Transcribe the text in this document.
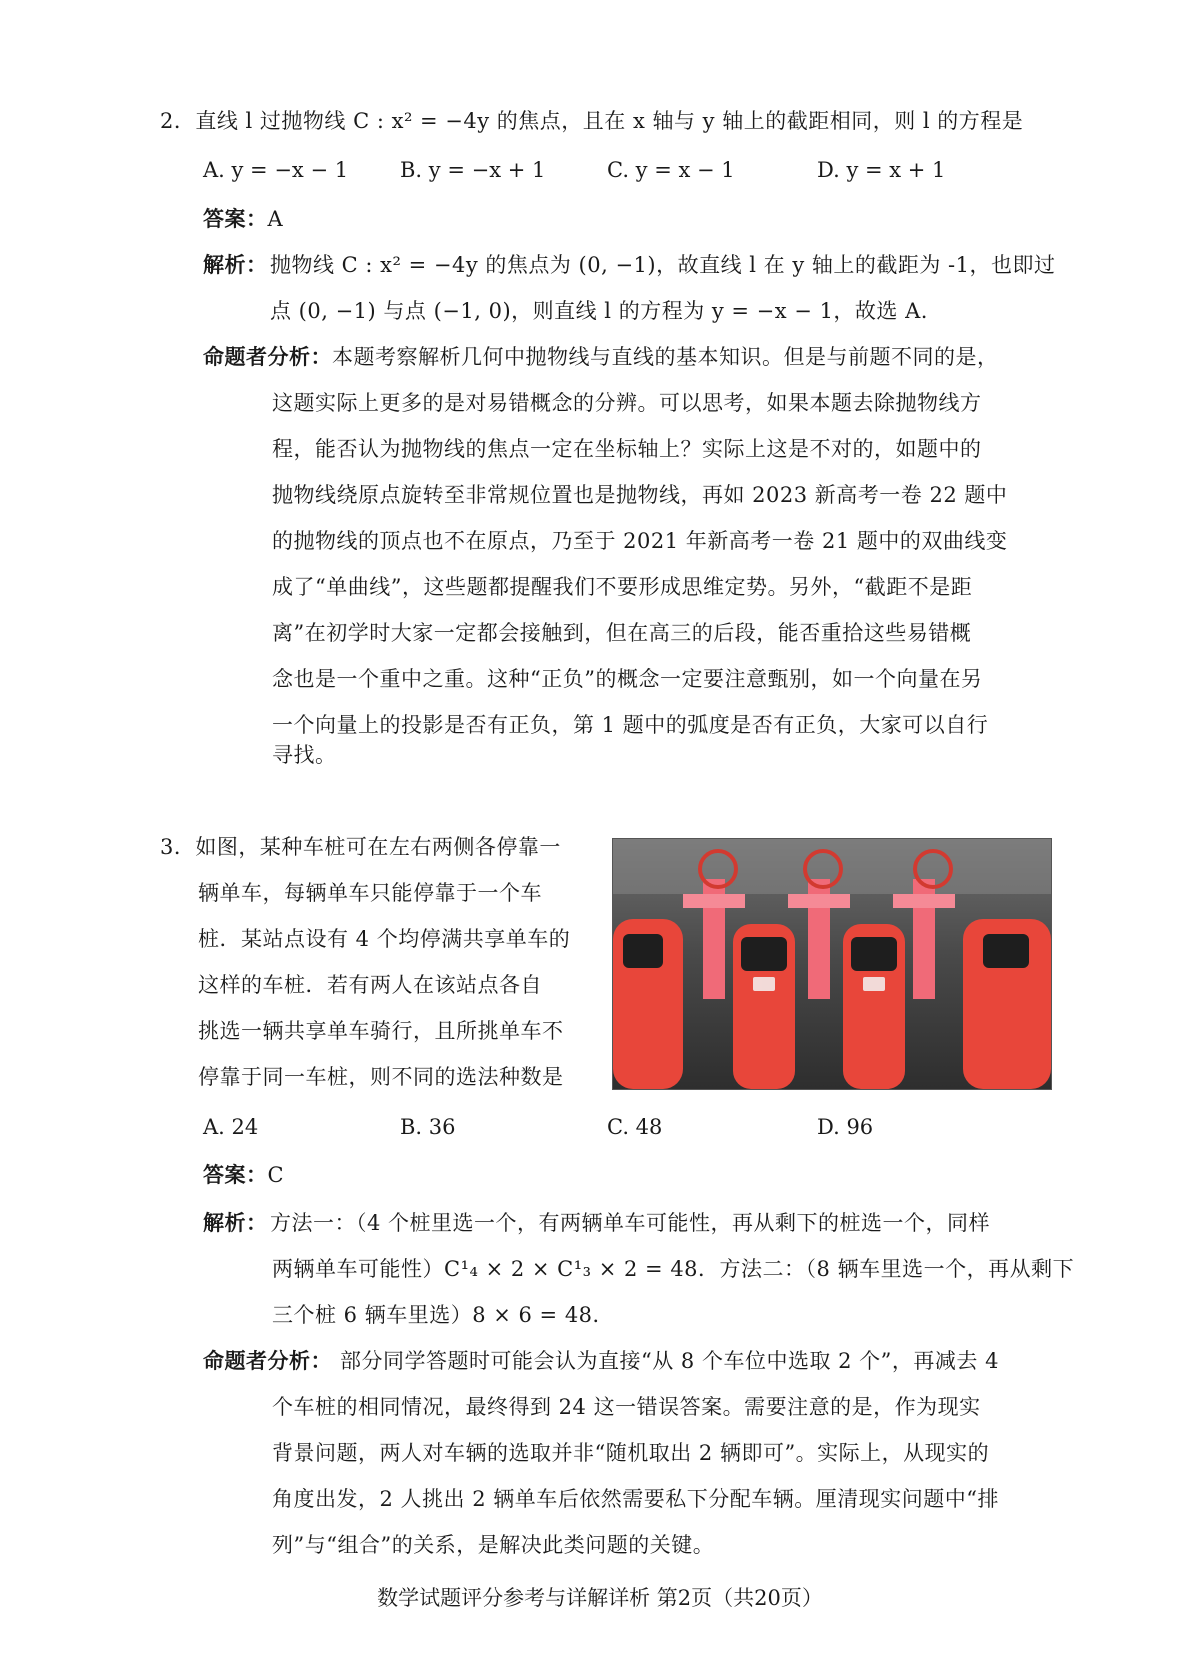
2．直线 l 过抛物线 C : x² = −4y 的焦点，且在 x 轴与 y 轴上的截距相同，则 l 的方程是
A. y = −x − 1 B. y = −x + 1	C. y = x − 1	D. y = x + 1
答案：A
解析： 抛物线 C : x² = −4y 的焦点为 (0, −1)，故直线 l 在 y 轴上的截距为 -1，也即过
点 (0, −1) 与点 (−1, 0)，则直线 l 的方程为 y = −x − 1，故选 A.
命题者分析： 本题考察解析几何中抛物线与直线的基本知识。但是与前题不同的是，
这题实际上更多的是对易错概念的分辨。可以思考，如果本题去除抛物线方
程，能否认为抛物线的焦点一定在坐标轴上？实际上这是不对的，如题中的
抛物线绕原点旋转至非常规位置也是抛物线，再如 2023 新高考一卷 22 题中
的抛物线的顶点也不在原点，乃至于 2021 年新高考一卷 21 题中的双曲线变
成了“单曲线”，这些题都提醒我们不要形成思维定势。另外，“截距不是距
离”在初学时大家一定都会接触到，但在高三的后段，能否重拾这些易错概
念也是一个重中之重。这种“正负”的概念一定要注意甄别，如一个向量在另
一个向量上的投影是否有正负，第 1 题中的弧度是否有正负，大家可以自行
寻找。
3．如图，某种车桩可在左右两侧各停靠一
辆单车，每辆单车只能停靠于一个车
桩．某站点设有 4 个均停满共享单车的
这样的车桩．若有两人在该站点各自
挑选一辆共享单车骑行，且所挑单车不
停靠于同一车桩，则不同的选法种数是
A. 24	B. 36	C. 48	D. 96
答案：C
解析： 方法一：（4 个桩里选一个，有两辆单车可能性，再从剩下的桩选一个，同样
两辆单车可能性）C¹₄ × 2 × C¹₃ × 2 = 48．方法二：（8 辆车里选一个，再从剩下
三个桩 6 辆车里选）8 × 6 = 48．
命题者分析： 部分同学答题时可能会认为直接“从 8 个车位中选取 2 个”，再减去 4
个车桩的相同情况，最终得到 24 这一错误答案。需要注意的是，作为现实
背景问题，两人对车辆的选取并非“随机取出 2 辆即可”。实际上，从现实的
角度出发，2 人挑出 2 辆单车后依然需要私下分配车辆。厘清现实问题中“排
列”与“组合”的关系，是解决此类问题的关键。
数学试题评分参考与详解详析 第2页（共20页）
